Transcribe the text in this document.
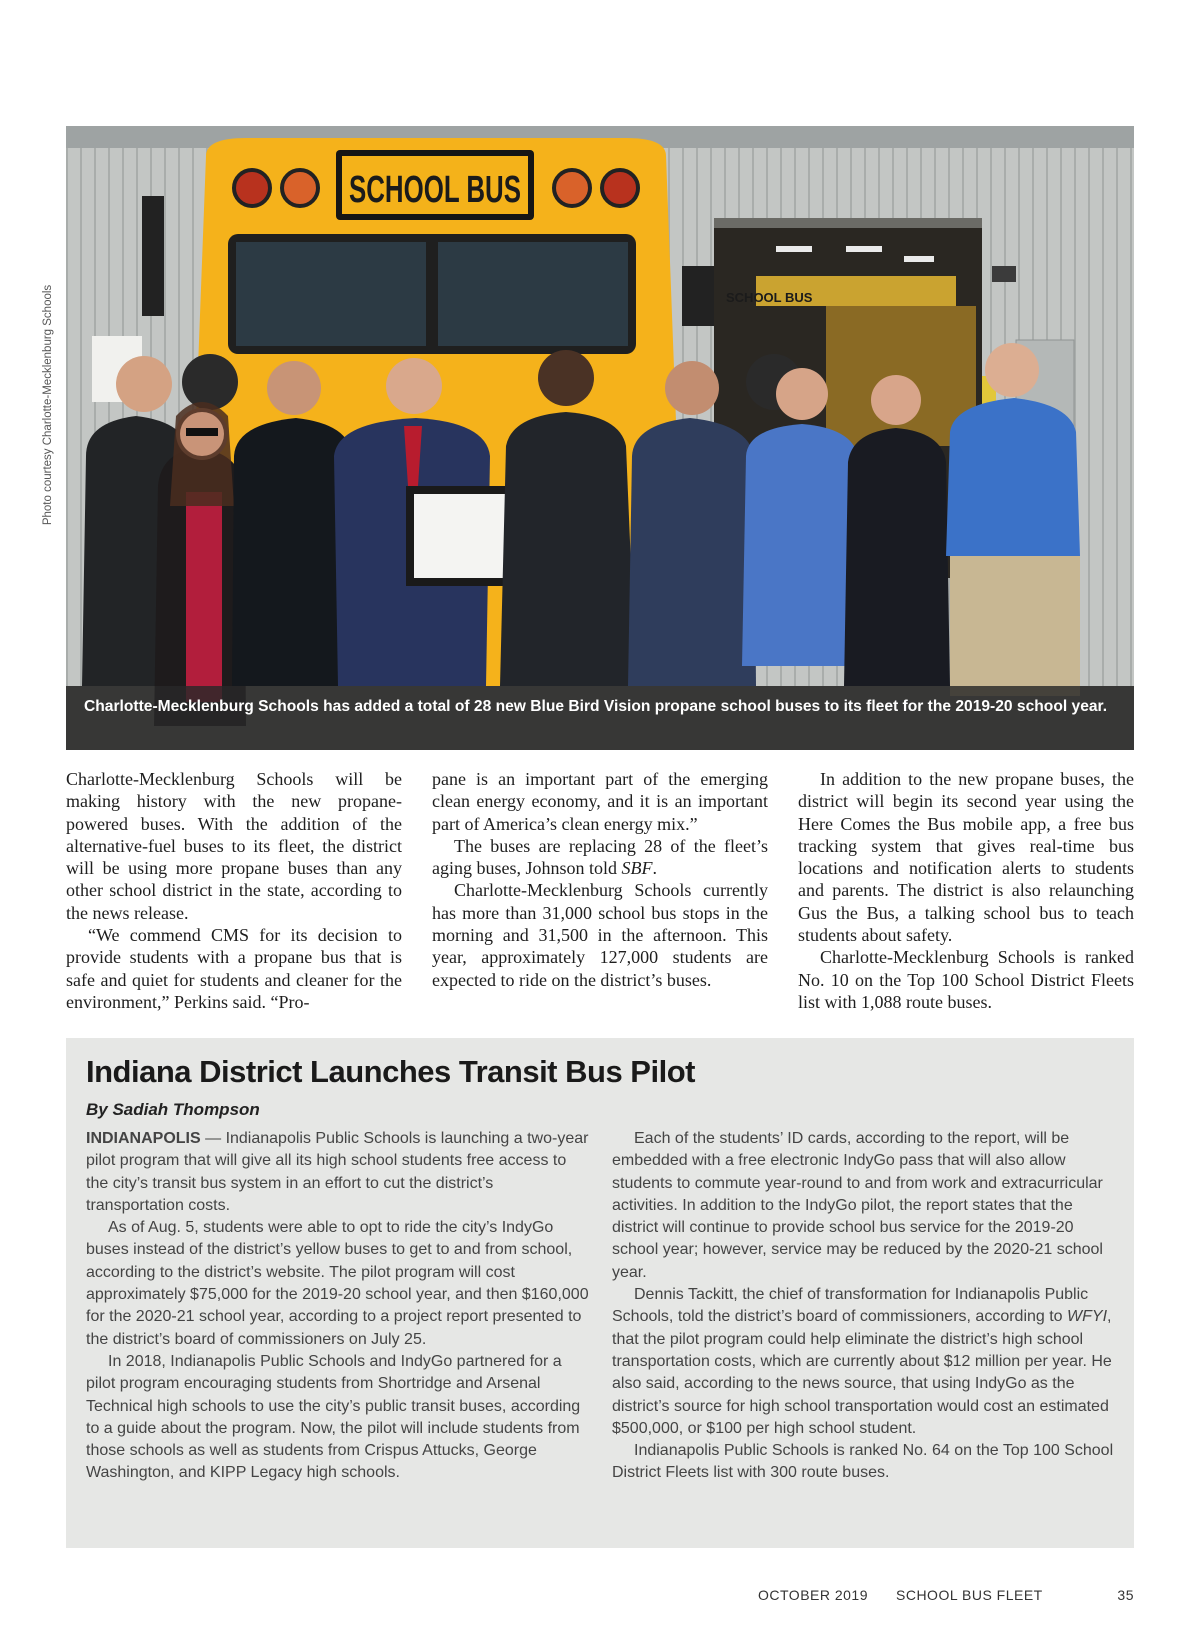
Photo courtesy Charlotte-Mecklenburg Schools	SCHOOL BUS
SCHOOL BUS
Charlotte-Mecklenburg Schools has added a total of 28 new Blue Bird Vision propane school buses to its fleet for the 2019-20 school year.

Charlotte-Mecklenburg Schools will be making history with the new propane-powered buses. With the addition of the alternative-fuel buses to its fleet, the district will be using more propane buses than any other school district in the state, according to the news release.

“We commend CMS for its decision to provide students with a propane bus that is safe and quiet for students and cleaner for the environment,” Perkins said. “Pro-

pane is an important part of the emerging clean energy economy, and it is an important part of America’s clean energy mix.”

The buses are replacing 28 of the fleet’s aging buses, Johnson told SBF.

Charlotte-Mecklenburg Schools currently has more than 31,000 school bus stops in the morning and 31,500 in the afternoon. This year, approximately 127,000 students are expected to ride on the district’s buses.

In addition to the new propane buses, the district will begin its second year using the Here Comes the Bus mobile app, a free bus tracking system that gives real-time bus locations and notification alerts to students and parents. The district is also relaunching Gus the Bus, a talking school bus to teach students about safety.

Charlotte-Mecklenburg Schools is ranked No. 10 on the Top 100 School District Fleets list with 1,088 route buses.

Indiana District Launches Transit Bus Pilot
By Sadiah Thompson

INDIANAPOLIS — Indianapolis Public Schools is launching a two-year pilot program that will give all its high school students free access to the city’s transit bus system in an effort to cut the district’s transportation costs.

As of Aug. 5, students were able to opt to ride the city’s IndyGo buses instead of the district’s yellow buses to get to and from school, according to the district’s website. The pilot program will cost approximately $75,000 for the 2019-20 school year, and then $160,000 for the 2020-21 school year, according to a project report presented to the district’s board of commissioners on July 25.

In 2018, Indianapolis Public Schools and IndyGo partnered for a pilot program encouraging students from Shortridge and Arsenal Technical high schools to use the city’s public transit buses, according to a guide about the program. Now, the pilot will include students from those schools as well as students from Crispus Attucks, George Washington, and KIPP Legacy high schools.

Each of the students’ ID cards, according to the report, will be embedded with a free electronic IndyGo pass that will also allow students to commute year-round to and from work and extracurricular activities. In addition to the IndyGo pilot, the report states that the district will continue to provide school bus service for the 2019-20 school year; however, service may be reduced by the 2020-21 school year.

Dennis Tackitt, the chief of transformation for Indianapolis Public Schools, told the district’s board of commissioners, according to WFYI, that the pilot program could help eliminate the district’s high school transportation costs, which are currently about $12 million per year. He also said, according to the news source, that using IndyGo as the district’s source for high school transportation would cost an estimated $500,000, or $100 per high school student.

Indianapolis Public Schools is ranked No. 64 on the Top 100 School District Fleets list with 300 route buses.

OCTOBER 2019 SCHOOL BUS FLEET	35
